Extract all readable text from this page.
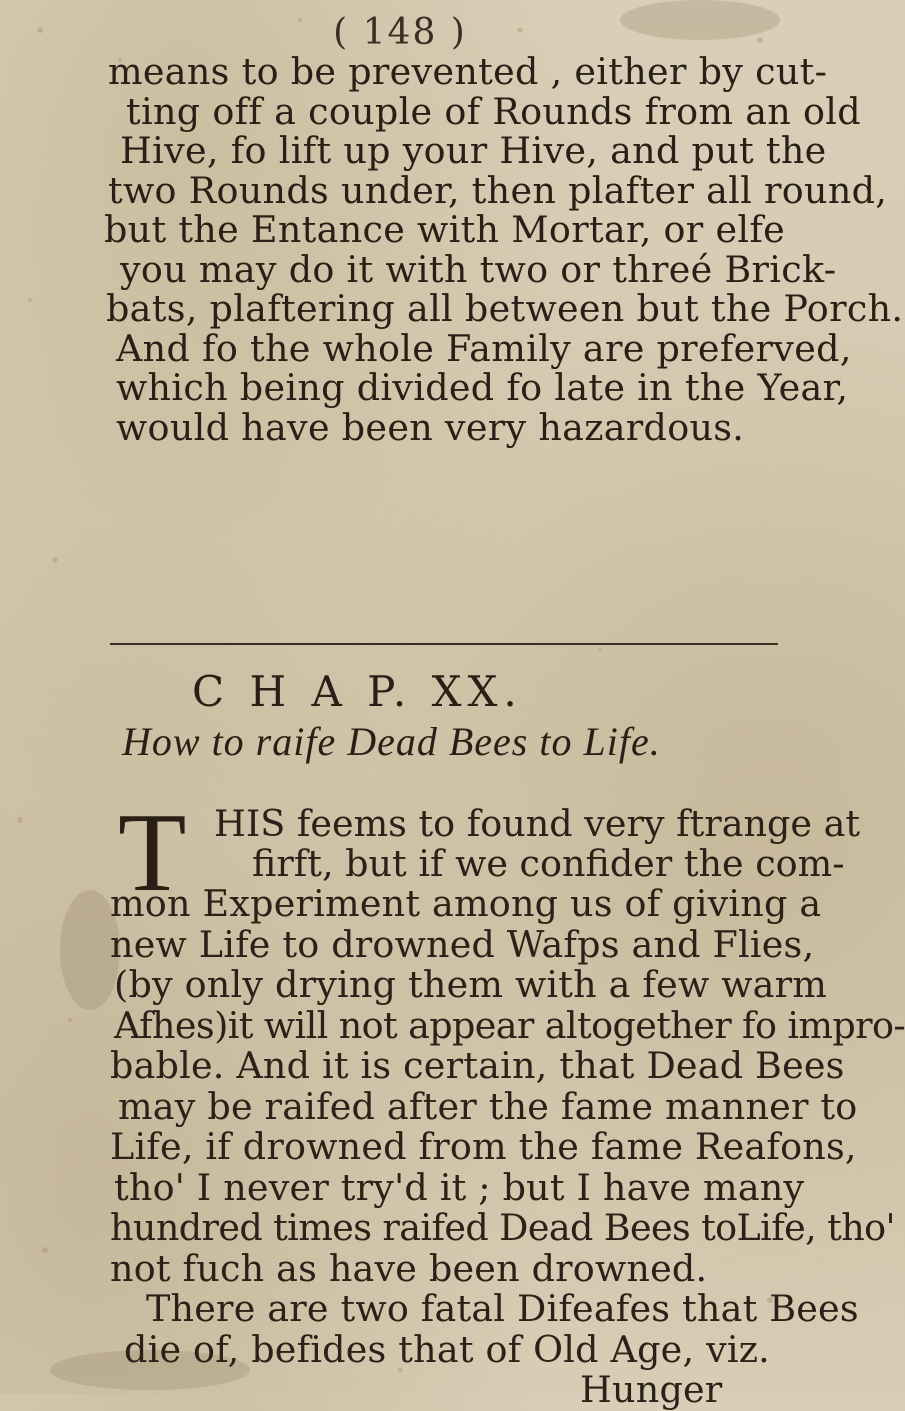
( 148 )
means to be prevented , either by cut-
ting off a couple of Rounds from an old
Hive, fo lift up your Hive, and put the
two Rounds under, then plafter all round,
but the Entance with Mortar, or elfe
you may do it with two or threé Brick-
bats, plaftering all between but the Porch.
And fo the whole Family are preferved,
which being divided fo late in the Year,
would have been very hazardous.
C H A P. XX.
How to raife Dead Bees to Life.
T HIS feems to found very ftrange at
firft, but if we confider the com-
mon Experiment among us of giving a
new Life to drowned Wafps and Flies,
(by only drying them with a few warm
Afhes)it will not appear altogether fo impro-
bable. And it is certain, that Dead Bees
may be raifed after the fame manner to
Life, if drowned from the fame Reafons,
tho' I never try'd it ; but I have many
hundred times raifed Dead Bees toLife, tho'
not fuch as have been drowned.
There are two fatal Difeafes that Bees
die of, befides that of Old Age, viz.
Hunger
